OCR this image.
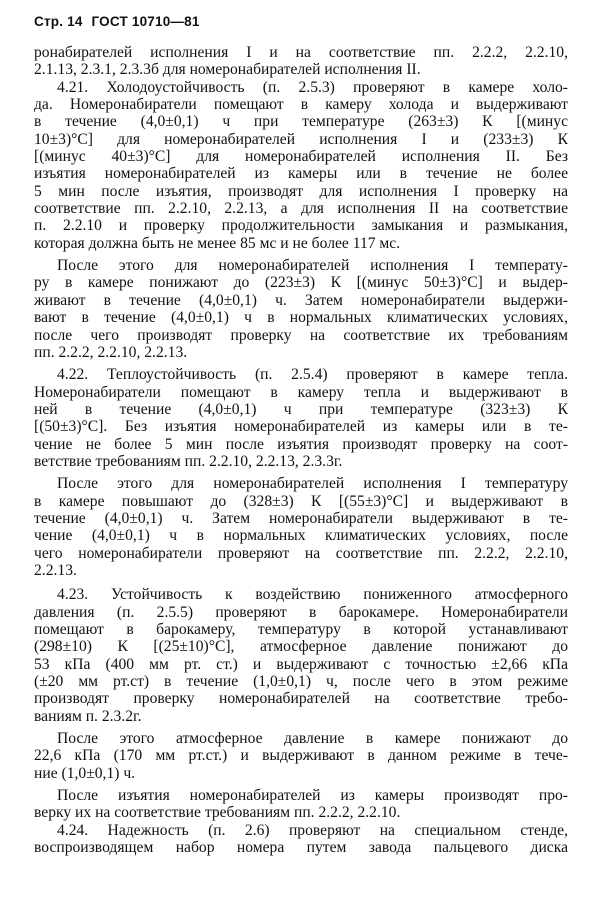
Стр. 14 ГОСТ 10710—81

ронабирателей исполнения I и на соответствие пп. 2.2.2, 2.2.10,
2.1.13, 2.3.1, 2.3.3б для номеронабирателей исполнения II.

4.21. Холодоустойчивость (п. 2.5.3) проверяют в камере холо-
да. Номеронабиратели помещают в камеру холода и выдерживают
в течение (4,0±0,1) ч при температуре (263±3) К [(минус
10±3)°С] для номеронабирателей исполнения I и (233±3) К
[(минус 40±3)°С] для номеронабирателей исполнения II. Без
изъятия номеронабирателей из камеры или в течение не более
5 мин после изъятия, производят для исполнения I проверку на
соответствие пп. 2.2.10, 2.2.13, а для исполнения II на соответствие
п. 2.2.10 и проверку продолжительности замыкания и размыкания,
которая должна быть не менее 85 мс и не более 117 мс.

После этого для номеронабирателей исполнения I температу-
ру в камере понижают до (223±3) К [(минус 50±3)°С] и выдер-
живают в течение (4,0±0,1) ч. Затем номеронабиратели выдержи-
вают в течение (4,0±0,1) ч в нормальных климатических условиях,
после чего производят проверку на соответствие их требованиям
пп. 2.2.2, 2.2.10, 2.2.13.

4.22. Теплоустойчивость (п. 2.5.4) проверяют в камере тепла.
Номеронабиратели помещают в камеру тепла и выдерживают в
ней в течение (4,0±0,1) ч при температуре (323±3) К
[(50±3)°С]. Без изъятия номеронабирателей из камеры или в те-
чение не более 5 мин после изъятия производят проверку на соот-
ветствие требованиям пп. 2.2.10, 2.2.13, 2.3.3г.

После этого для номеронабирателей исполнения I температуру
в камере повышают до (328±3) К [(55±3)°С] и выдерживают в
течение (4,0±0,1) ч. Затем номеронабиратели выдерживают в те-
чение (4,0±0,1) ч в нормальных климатических условиях, после
чего номеронабиратели проверяют на соответствие пп. 2.2.2, 2.2.10,
2.2.13.

4.23. Устойчивость к воздействию пониженного атмосферного
давления (п. 2.5.5) проверяют в барокамере. Номеронабиратели
помещают в барокамеру, температуру в которой устанавливают
(298±10) К [(25±10)°С], атмосферное давление понижают до
53 кПа (400 мм рт. ст.) и выдерживают с точностью ±2,66 кПа
(±20 мм рт.ст) в течение (1,0±0,1) ч, после чего в этом режиме
производят проверку номеронабирателей на соответствие требо-
ваниям п. 2.3.2г.

После этого атмосферное давление в камере понижают до
22,6 кПа (170 мм рт.ст.) и выдерживают в данном режиме в тече-
ние (1,0±0,1) ч.

После изъятия номеронабирателей из камеры производят про-
верку их на соответствие требованиям пп. 2.2.2, 2.2.10.

4.24. Надежность (п. 2.6) проверяют на специальном стенде,
воспроизводящем набор номера путем завода пальцевого диска
